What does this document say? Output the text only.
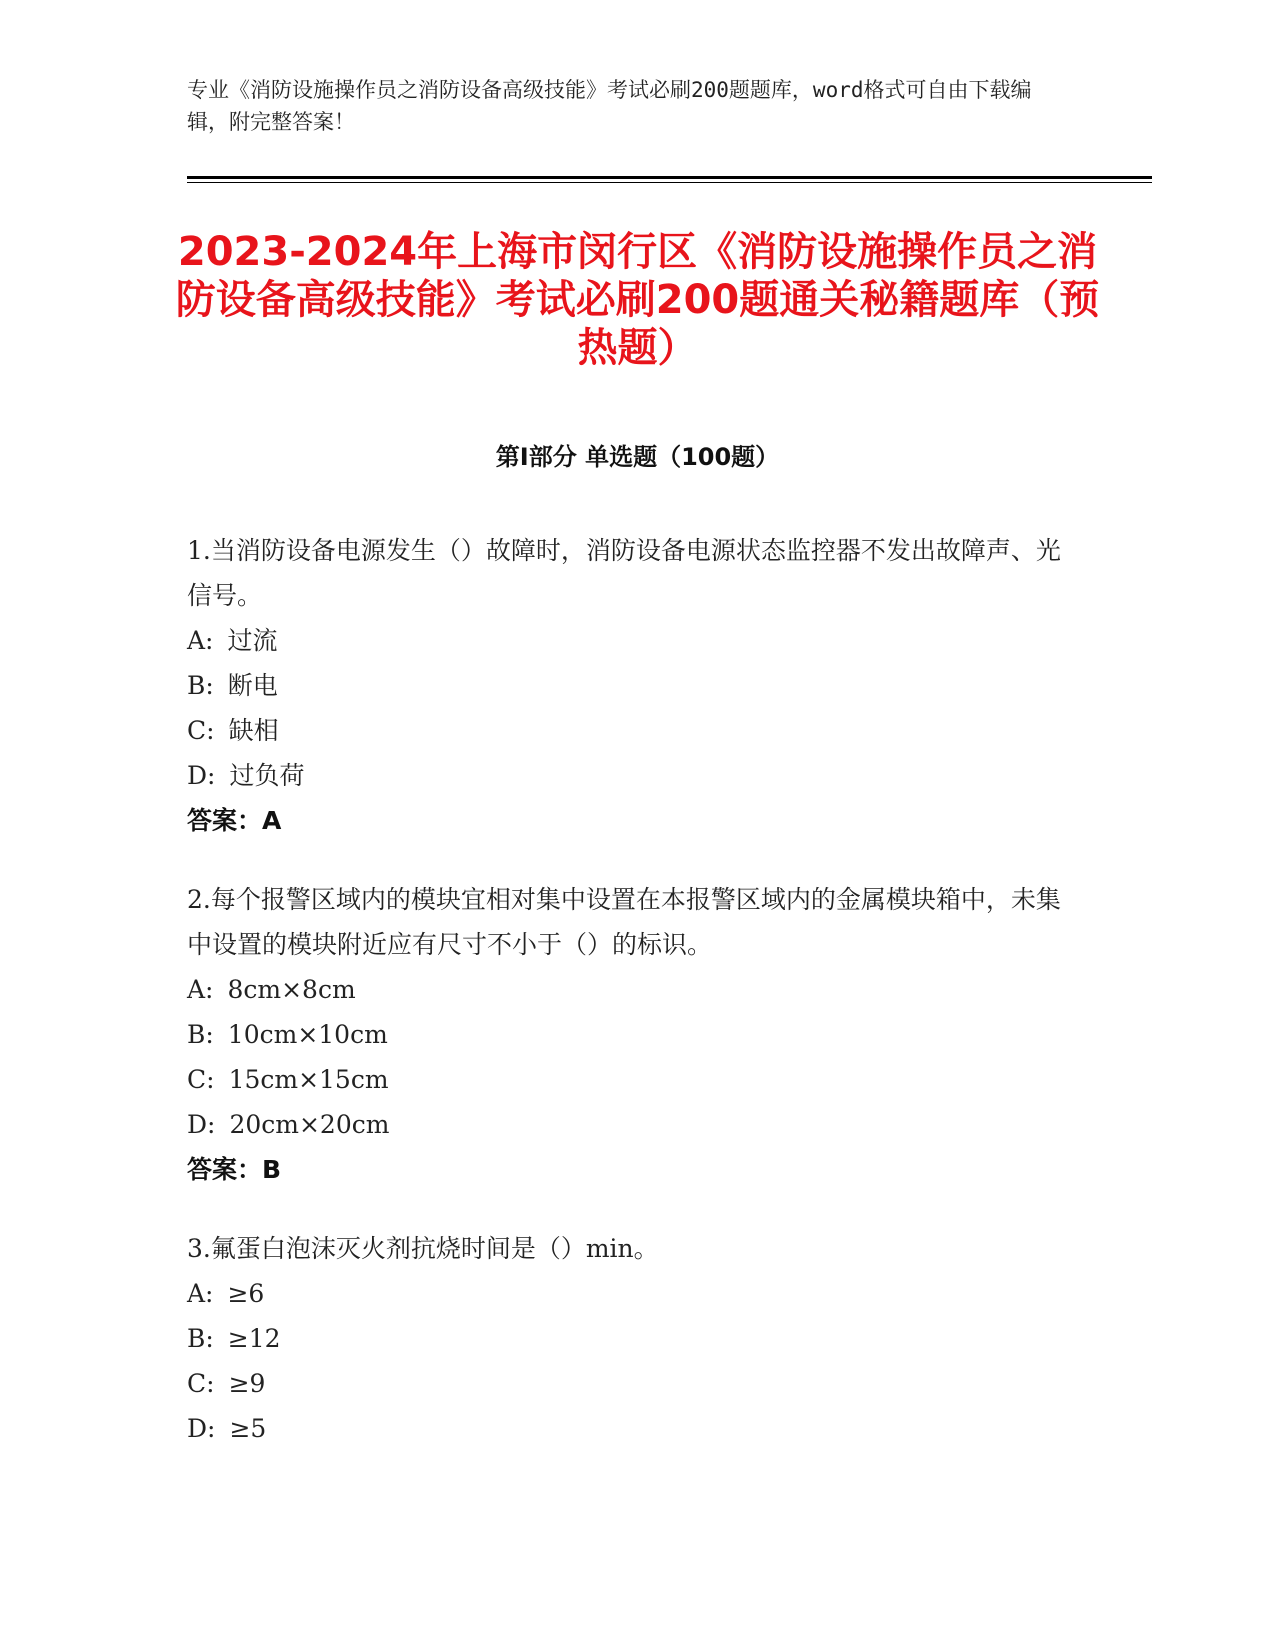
专业《消防设施操作员之消防设备高级技能》考试必刷200题题库，word格式可自由下载编辑，附完整答案！
2023-2024年上海市闵行区《消防设施操作员之消防设备高级技能》考试必刷200题通关秘籍题库（预热题）
第Ⅰ部分 单选题（100题）
1.当消防设备电源发生（）故障时，消防设备电源状态监控器不发出故障声、光信号。
A: 过流
B: 断电
C: 缺相
D: 过负荷
答案：A
2.每个报警区域内的模块宜相对集中设置在本报警区域内的金属模块箱中，未集中设置的模块附近应有尺寸不小于（）的标识。
A: 8cm×8cm
B: 10cm×10cm
C: 15cm×15cm
D: 20cm×20cm
答案：B
3.氟蛋白泡沫灭火剂抗烧时间是（）min。
A: ≥6
B: ≥12
C: ≥9
D: ≥5
